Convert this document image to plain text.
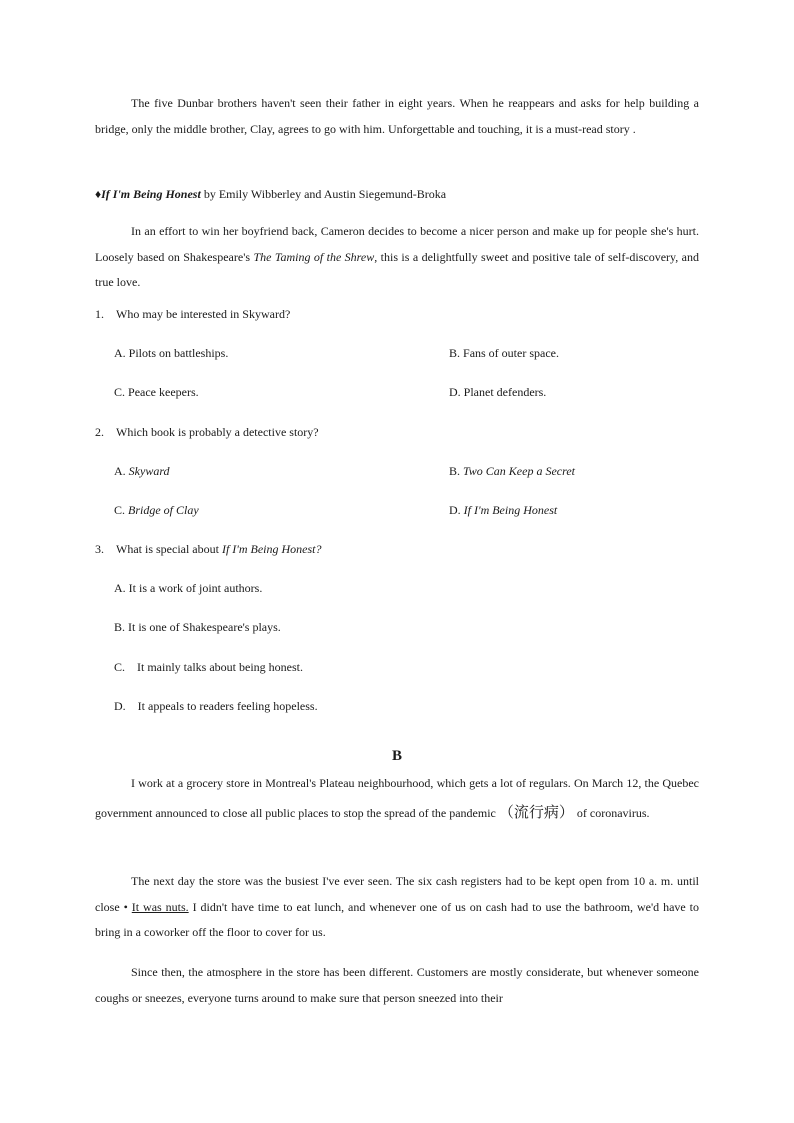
The five Dunbar brothers haven't seen their father in eight years. When he reappears and asks for help building a bridge, only the middle brother, Clay, agrees to go with him. Unforgettable and touching, it is a must-read story .

♦If I'm Being Honest by Emily Wibberley and Austin Siegemund-Broka

In an effort to win her boyfriend back, Cameron decides to become a nicer person and make up for people she's hurt. Loosely based on Shakespeare's The Taming of the Shrew, this is a delightfully sweet and positive tale of self-discovery, and true love.

1. Who may be interested in Skyward?

A. Pilots on battleships.	B. Fans of outer space.

C. Peace keepers.	D. Planet defenders.

2. Which book is probably a detective story?

A. Skyward	B. Two Can Keep a Secret

C. Bridge of Clay	D. If I'm Being Honest

3. What is special about If I'm Being Honest?

A. It is a work of joint authors.

B. It is one of Shakespeare's plays.

C. It mainly talks about being honest.

D. It appeals to readers feeling hopeless.

B

I work at a grocery store in Montreal's Plateau neighbourhood, which gets a lot of regulars. On March 12, the Quebec government announced to close all public places to stop the spread of the pandemic （流行病） of coronavirus.

The next day the store was the busiest I've ever seen. The six cash registers had to be kept open from 10 a. m. until close • It was nuts. I didn't have time to eat lunch, and whenever one of us on cash had to use the bathroom, we'd have to bring in a coworker off the floor to cover for us.

Since then, the atmosphere in the store has been different. Customers are mostly considerate, but whenever someone coughs or sneezes, everyone turns around to make sure that person sneezed into their
